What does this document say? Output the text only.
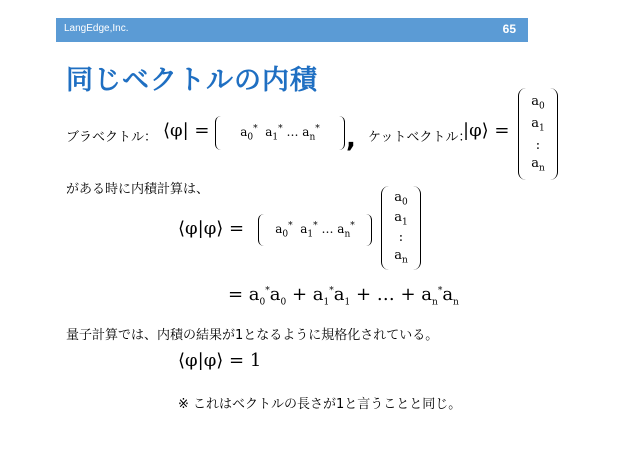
LangEdge,Inc.	65
同じベクトルの内積
ブラベクトル： ⟨φ| =	$a_0^*$  $a_1^*$ … $a_n^*$ , ケットベクトル：
|φ⟩ =
$a_0$
$a_1$
:
$a_n$
がある時に内積計算は、
⟨φ|φ⟩ =	$a_0^*$  $a_1^*$ … $a_n^*$
$a_0$
$a_1$
:
$a_n$
= $a_0^*a_0 + a_1^*a_1$ + … + $a_n^*a_n$
量子計算では、内積の結果が1となるように規格化されている。
⟨φ|φ⟩ = 1
※ これはベクトルの長さが1と言うことと同じ。
